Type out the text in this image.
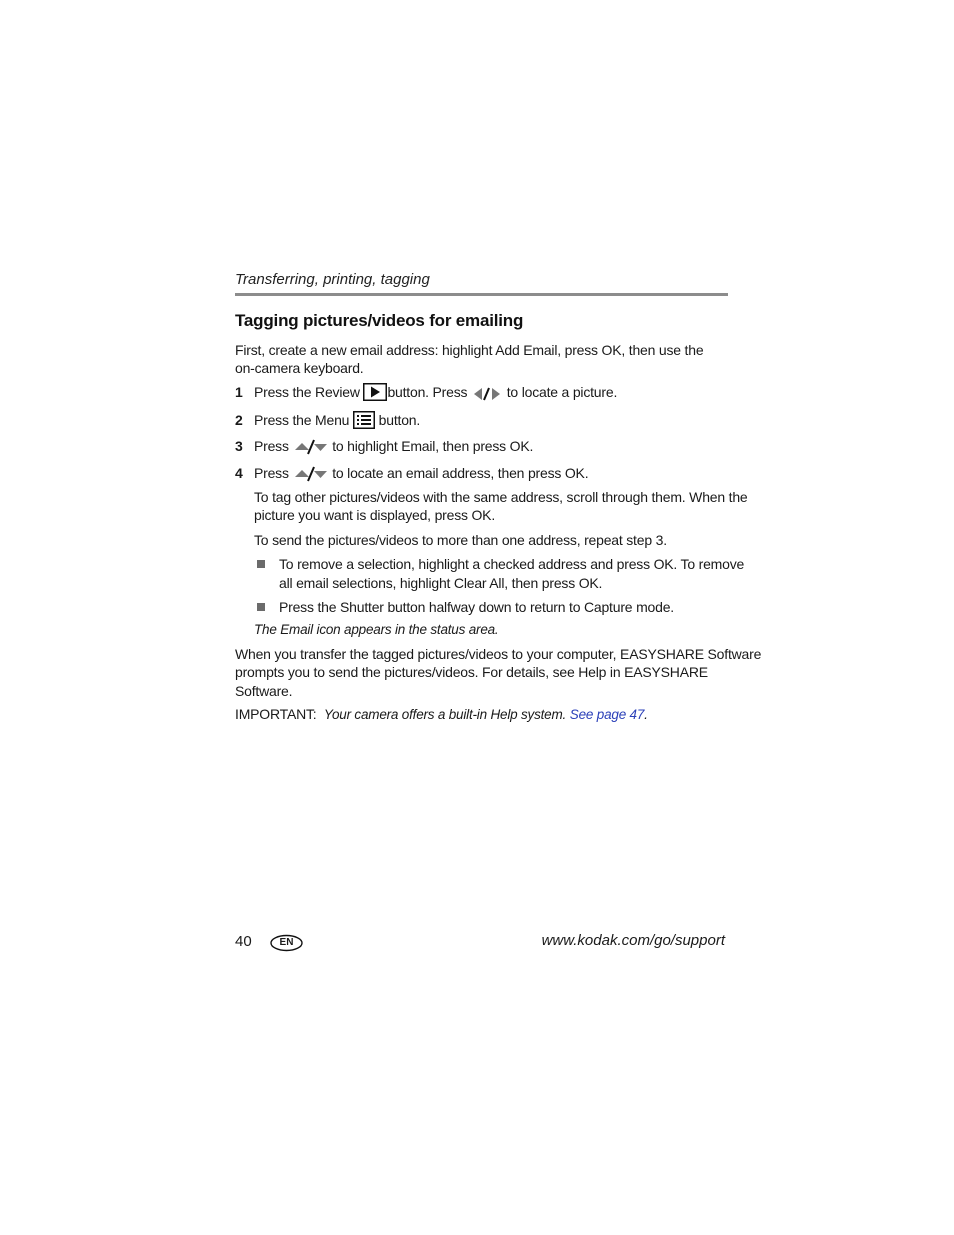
Transferring, printing, tagging
Tagging pictures/videos for emailing
First, create a new email address: highlight Add Email, press OK, then use the
on-camera keyboard.
1 Press the Review button. Press	to locate a picture.
2 Press the Menu button.
3 Press	to highlight Email, then press OK.
4 Press	to locate an email address, then press OK.
To tag other pictures/videos with the same address, scroll through them. When the
picture you want is displayed, press OK.
To send the pictures/videos to more than one address, repeat step 3.
To remove a selection, highlight a checked address and press OK. To remove
all email selections, highlight Clear All, then press OK.
Press the Shutter button halfway down to return to Capture mode.
The Email icon appears in the status area.
When you transfer the tagged pictures/videos to your computer, EASYSHARE Software
prompts you to send the pictures/videos. For details, see Help in EASYSHARE
Software.
IMPORTANT: Your camera offers a built-in Help system. See page 47.
40	EN	www.kodak.com/go/support
